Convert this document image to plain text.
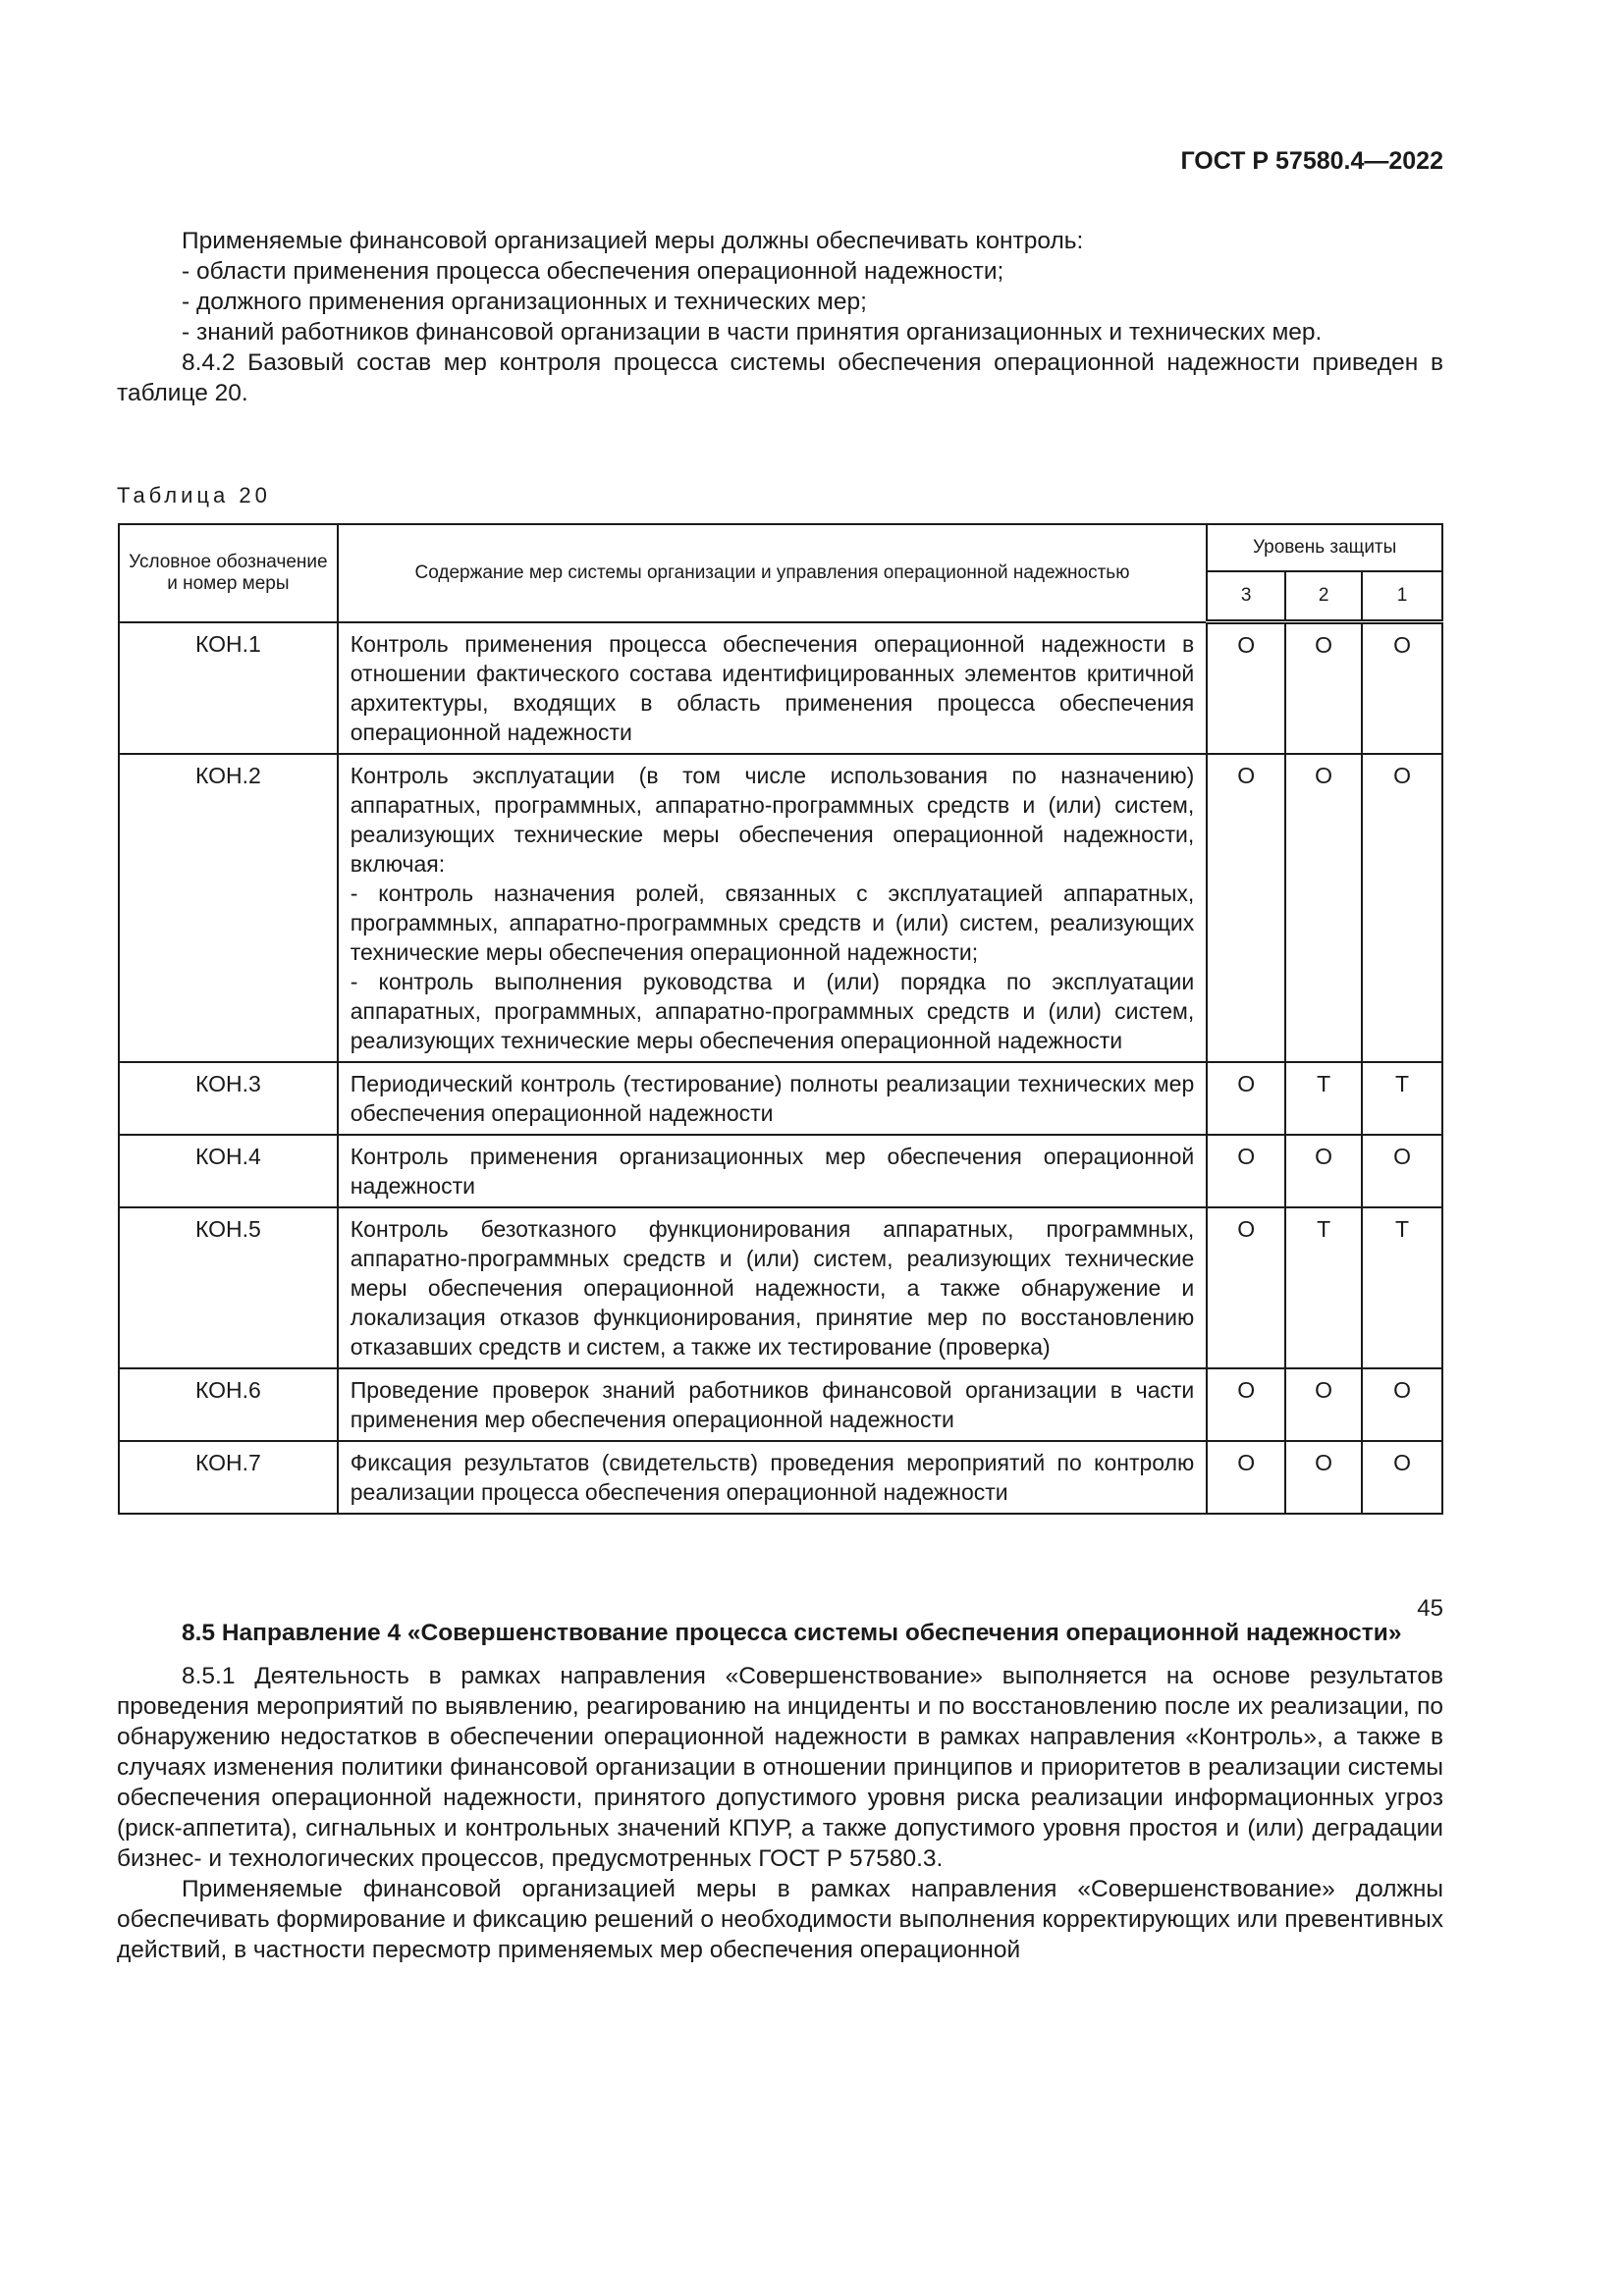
ГОСТ Р 57580.4—2022

Применяемые финансовой организацией меры должны обеспечивать контроль:

- области применения процесса обеспечения операционной надежности;

- должного применения организационных и технических мер;

- знаний работников финансовой организации в части принятия организационных и технических мер.

8.4.2 Базовый состав мер контроля процесса системы обеспечения операционной надежности приведен в таблице 20.

Таблица 20
Условное обозначение и номер меры	Содержание мер системы организации и управления операционной надежностью	Уровень защиты		
		3	2	1
КОН.1	Контроль применения процесса обеспечения операционной надежности в отношении фактического состава идентифицированных элементов критичной архитектуры, входящих в область применения процесса обеспечения операционной надежности	О	О	О
КОН.2	Контроль эксплуатации (в том числе использования по назначению) аппаратных, программных, аппаратно-программных средств и (или) систем, реализующих технические меры обеспечения операционной надежности, включая:
- контроль назначения ролей, связанных с эксплуатацией аппаратных, программных, аппаратно-программных средств и (или) систем, реализующих технические меры обеспечения операционной надежности;
- контроль выполнения руководства и (или) порядка по эксплуатации аппаратных, программных, аппаратно-программных средств и (или) систем, реализующих технические меры обеспечения операционной надежности	О	О	О
КОН.3	Периодический контроль (тестирование) полноты реализации технических мер обеспечения операционной надежности	О	Т	Т
КОН.4	Контроль применения организационных мер обеспечения операционной надежности	О	О	О
КОН.5	Контроль безотказного функционирования аппаратных, программных, аппаратно-программных средств и (или) систем, реализующих технические меры обеспечения операционной надежности, а также обнаружение и локализация отказов функционирования, принятие мер по восстановлению отказавших средств и систем, а также их тестирование (проверка)	О	Т	Т
КОН.6	Проведение проверок знаний работников финансовой организации в части применения мер обеспечения операционной надежности	О	О	О
КОН.7	Фиксация результатов (свидетельств) проведения мероприятий по контролю реализации процесса обеспечения операционной надежности	О	О	О

8.5 Направление 4 «Совершенствование процесса системы обеспечения операционной надежности»

8.5.1 Деятельность в рамках направления «Совершенствование» выполняется на основе результатов проведения мероприятий по выявлению, реагированию на инциденты и по восстановлению после их реализации, по обнаружению недостатков в обеспечении операционной надежности в рамках направления «Контроль», а также в случаях изменения политики финансовой организации в отношении принципов и приоритетов в реализации системы обеспечения операционной надежности, принятого допустимого уровня риска реализации информационных угроз (риск-аппетита), сигнальных и контрольных значений КПУР, а также допустимого уровня простоя и (или) деградации бизнес- и технологических процессов, предусмотренных ГОСТ Р 57580.3.

Применяемые финансовой организацией меры в рамках направления «Совершенствование» должны обеспечивать формирование и фиксацию решений о необходимости выполнения корректирующих или превентивных действий, в частности пересмотр применяемых мер обеспечения операционной

45
